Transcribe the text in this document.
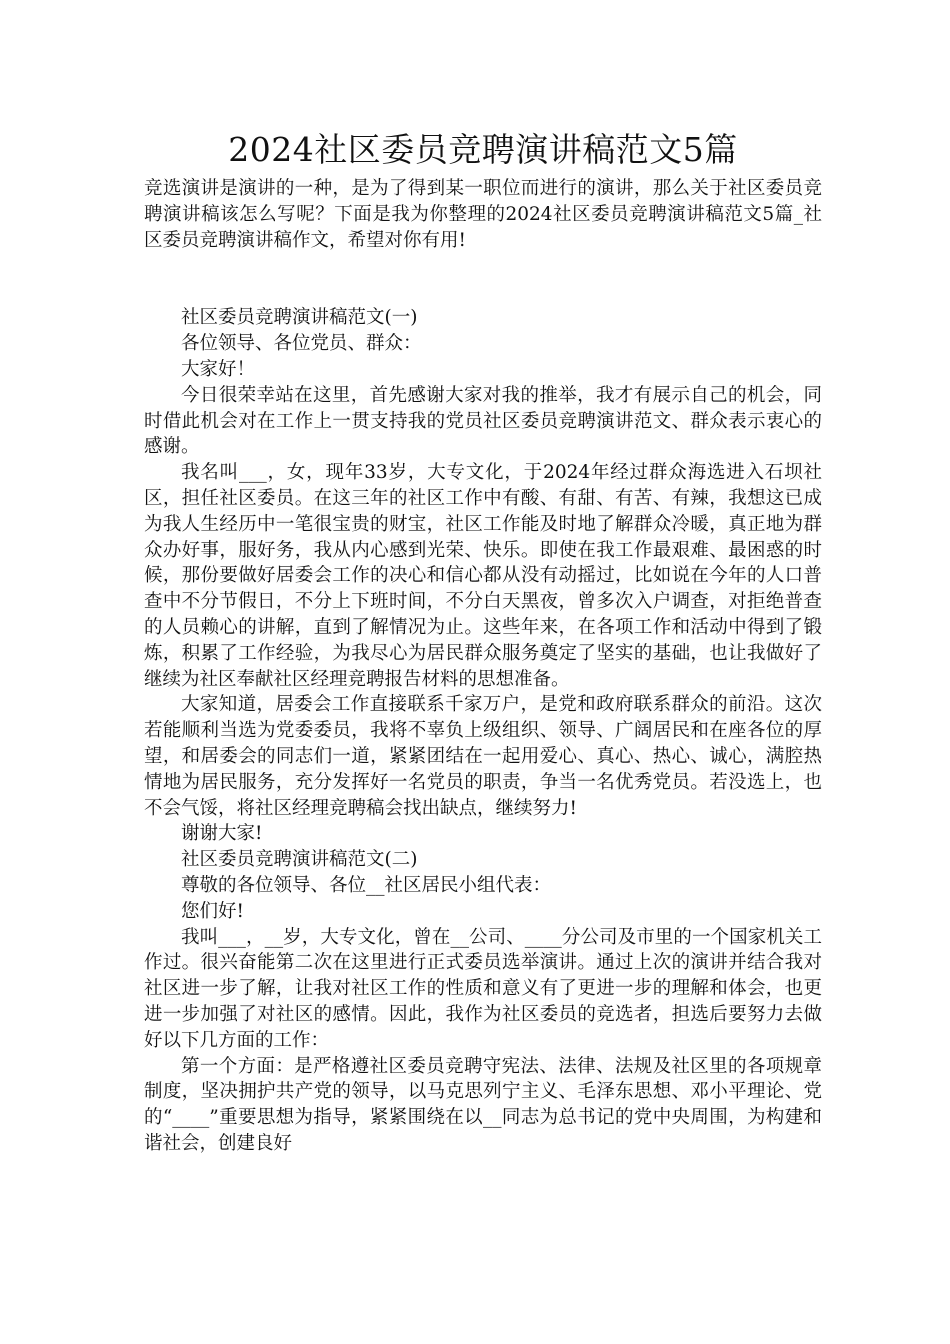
2024社区委员竞聘演讲稿范文5篇

竞选演讲是演讲的一种，是为了得到某一职位而进行的演讲，那么关于社区委员竞聘演讲稿该怎么写呢？下面是我为你整理的2024社区委员竞聘演讲稿范文5篇_社区委员竞聘演讲稿作文，希望对你有用!

社区委员竞聘演讲稿范文(一)

各位领导、各位党员、群众：

大家好！

今日很荣幸站在这里，首先感谢大家对我的推举，我才有展示自己的机会，同时借此机会对在工作上一贯支持我的党员社区委员竞聘演讲范文、群众表示衷心的感谢。

我名叫___，女，现年33岁，大专文化，于2024年经过群众海选进入石坝社区，担任社区委员。在这三年的社区工作中有酸、有甜、有苦、有辣，我想这已成为我人生经历中一笔很宝贵的财宝，社区工作能及时地了解群众冷暖，真正地为群众办好事，服好务，我从内心感到光荣、快乐。即使在我工作最艰难、最困惑的时候，那份要做好居委会工作的决心和信心都从没有动摇过，比如说在今年的人口普查中不分节假日，不分上下班时间，不分白天黑夜，曾多次入户调查，对拒绝普查的人员赖心的讲解，直到了解情况为止。这些年来，在各项工作和活动中得到了锻炼，积累了工作经验，为我尽心为居民群众服务奠定了坚实的基础，也让我做好了继续为社区奉献社区经理竞聘报告材料的思想准备。

大家知道，居委会工作直接联系千家万户，是党和政府联系群众的前沿。这次若能顺利当选为党委委员，我将不辜负上级组织、领导、广阔居民和在座各位的厚望，和居委会的同志们一道，紧紧团结在一起用爱心、真心、热心、诚心，满腔热情地为居民服务，充分发挥好一名党员的职责，争当一名优秀党员。若没选上，也不会气馁，将社区经理竞聘稿会找出缺点，继续努力!

谢谢大家!

社区委员竞聘演讲稿范文(二)

尊敬的各位领导、各位__社区居民小组代表：

您们好!

我叫___，__岁，大专文化，曾在__公司、____分公司及市里的一个国家机关工作过。很兴奋能第二次在这里进行正式委员选举演讲。通过上次的演讲并结合我对社区进一步了解，让我对社区工作的性质和意义有了更进一步的理解和体会，也更进一步加强了对社区的感情。因此，我作为社区委员的竞选者，担选后要努力去做好以下几方面的工作：

第一个方面：是严格遵社区委员竞聘守宪法、法律、法规及社区里的各项规章制度，坚决拥护共产党的领导，以马克思列宁主义、毛泽东思想、邓小平理论、党的“____”重要思想为指导，紧紧围绕在以__同志为总书记的党中央周围，为构建和谐社会，创建良好
